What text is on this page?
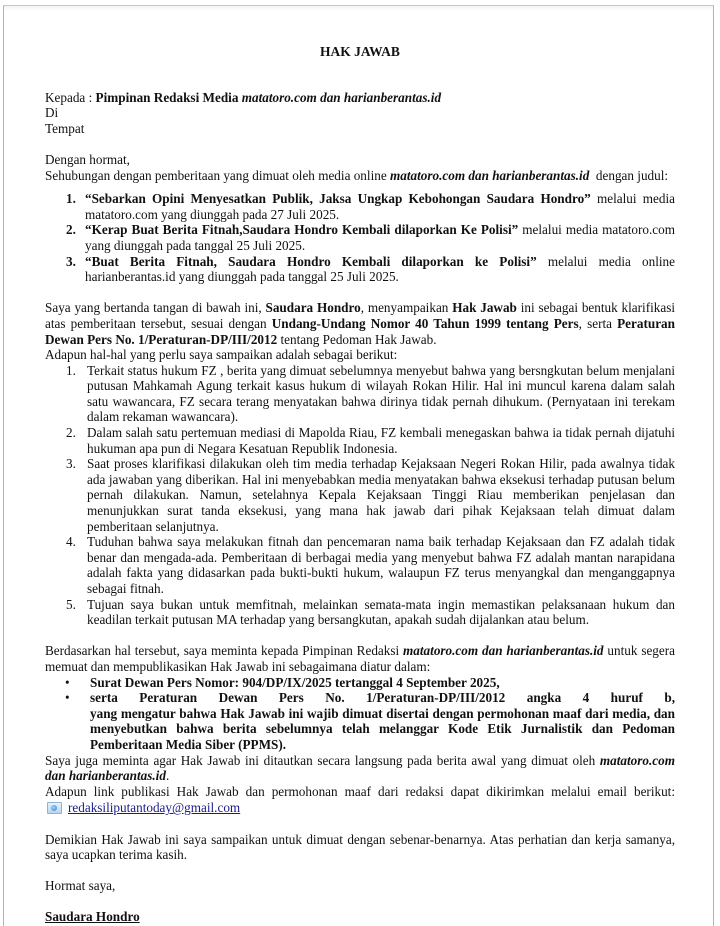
HAK JAWAB

Kepada : Pimpinan Redaksi Media matatoro.com dan harianberantas.id

Di

Tempat

Dengan hormat,

Sehubungan dengan pemberitaan yang dimuat oleh media online matatoro.com dan harianberantas.id  dengan judul:

1. “Sebarkan Opini Menyesatkan Publik, Jaksa Ungkap Kebohongan Saudara Hondro” melalui media matatoro.com yang diunggah pada 27 Juli 2025.
2. “Kerap Buat Berita Fitnah,Saudara Hondro Kembali dilaporkan Ke Polisi” melalui media matatoro.com yang diunggah pada tanggal 25 Juli 2025.
3. “Buat Berita Fitnah, Saudara Hondro Kembali dilaporkan ke Polisi” melalui media online harianberantas.id yang diunggah pada tanggal 25 Juli 2025.

Saya yang bertanda tangan di bawah ini, Saudara Hondro, menyampaikan Hak Jawab ini sebagai bentuk klarifikasi atas pemberitaan tersebut, sesuai dengan Undang-Undang Nomor 40 Tahun 1999 tentang Pers, serta Peraturan Dewan Pers No. 1/Peraturan-DP/III/2012 tentang Pedoman Hak Jawab.

Adapun hal-hal yang perlu saya sampaikan adalah sebagai berikut:

1. Terkait status hukum FZ , berita yang dimuat sebelumnya menyebut bahwa yang bersngkutan belum menjalani putusan Mahkamah Agung terkait kasus hukum di wilayah Rokan Hilir. Hal ini muncul karena dalam salah satu wawancara, FZ secara terang menyatakan bahwa dirinya tidak pernah dihukum. (Pernyataan ini terekam dalam rekaman wawancara).
2. Dalam salah satu pertemuan mediasi di Mapolda Riau, FZ kembali menegaskan bahwa ia tidak pernah dijatuhi hukuman apa pun di Negara Kesatuan Republik Indonesia.
3. Saat proses klarifikasi dilakukan oleh tim media terhadap Kejaksaan Negeri Rokan Hilir, pada awalnya tidak ada jawaban yang diberikan. Hal ini menyebabkan media menyatakan bahwa eksekusi terhadap putusan belum pernah dilakukan. Namun, setelahnya Kepala Kejaksaan Tinggi Riau memberikan penjelasan dan menunjukkan surat tanda eksekusi, yang mana hak jawab dari pihak Kejaksaan telah dimuat dalam pemberitaan selanjutnya.
4. Tuduhan bahwa saya melakukan fitnah dan pencemaran nama baik terhadap Kejaksaan dan FZ adalah tidak benar dan mengada-ada. Pemberitaan di berbagai media yang menyebut bahwa FZ adalah mantan narapidana adalah fakta yang didasarkan pada bukti-bukti hukum, walaupun FZ terus menyangkal dan menganggapnya sebagai fitnah.
5. Tujuan saya bukan untuk memfitnah, melainkan semata-mata ingin memastikan pelaksanaan hukum dan keadilan terkait putusan MA terhadap yang bersangkutan, apakah sudah dijalankan atau belum.

Berdasarkan hal tersebut, saya meminta kepada Pimpinan Redaksi matatoro.com dan harianberantas.id untuk segera memuat dan mempublikasikan Hak Jawab ini sebagaimana diatur dalam:

• Surat Dewan Pers Nomor: 904/DP/IX/2025 tertanggal 4 September 2025,
• serta Peraturan Dewan Pers No. 1/Peraturan-DP/III/2012 angka 4 huruf b,
yang mengatur bahwa Hak Jawab ini wajib dimuat disertai dengan permohonan maaf dari media, dan menyebutkan bahwa berita sebelumnya telah melanggar Kode Etik Jurnalistik dan Pedoman Pemberitaan Media Siber (PPMS).

Saya juga meminta agar Hak Jawab ini ditautkan secara langsung pada berita awal yang dimuat oleh matatoro.com dan harianberantas.id.

Adapun link publikasi Hak Jawab dan permohonan maaf dari redaksi dapat dikirimkan melalui email berikut:

redaksiliputantoday@gmail.com

Demikian Hak Jawab ini saya sampaikan untuk dimuat dengan sebenar-benarnya. Atas perhatian dan kerja samanya, saya ucapkan terima kasih.

Hormat saya,

Saudara Hondro
